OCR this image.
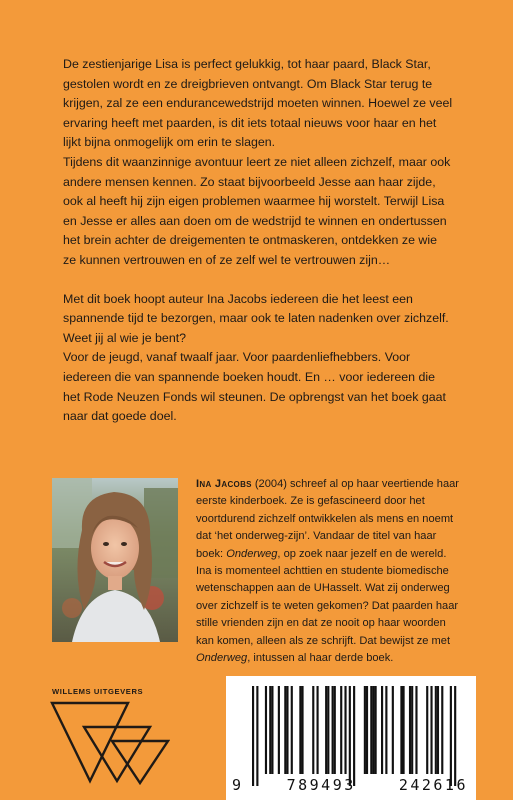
De zestienjarige Lisa is perfect gelukkig, tot haar paard, Black Star, gestolen wordt en ze dreigbrieven ontvangt. Om Black Star terug te krijgen, zal ze een endurancewedstrijd moeten winnen. Hoewel ze veel ervaring heeft met paarden, is dit iets totaal nieuws voor haar en het lijkt bijna onmogelijk om erin te slagen.

Tijdens dit waanzinnige avontuur leert ze niet alleen zichzelf, maar ook andere mensen kennen. Zo staat bijvoorbeeld Jesse aan haar zijde, ook al heeft hij zijn eigen problemen waarmee hij worstelt. Terwijl Lisa en Jesse er alles aan doen om de wedstrijd te winnen en ondertussen het brein achter de dreigementen te ontmaskeren, ontdekken ze wie ze kunnen vertrouwen en of ze zelf wel te vertrouwen zijn…

Met dit boek hoopt auteur Ina Jacobs iedereen die het leest een spannende tijd te bezorgen, maar ook te laten nadenken over zichzelf. Weet jij al wie je bent?

Voor de jeugd, vanaf twaalf jaar. Voor paardenliefhebbers. Voor iedereen die van spannende boeken houdt. En … voor iedereen die het Rode Neuzen Fonds wil steunen. De opbrengst van het boek gaat naar dat goede doel.

Ina Jacobs (2004) schreef al op haar veertiende haar eerste kinderboek. Ze is gefascineerd door het voortdurend zichzelf ontwikkelen als mens en noemt dat ‘het onderweg-zijn’. Vandaar de titel van haar boek: Onderweg, op zoek naar jezelf en de wereld.

Ina is momenteel achttien en studente biomedische wetenschappen aan de UHasselt. Wat zij onderweg over zichzelf is te weten gekomen? Dat paarden haar stille vrienden zijn en dat ze nooit op haar woorden kan komen, alleen als ze schrijft. Dat bewijst ze met Onderweg, intussen al haar derde boek.

WILLEMS UITGEVERS
9	789493	242616
